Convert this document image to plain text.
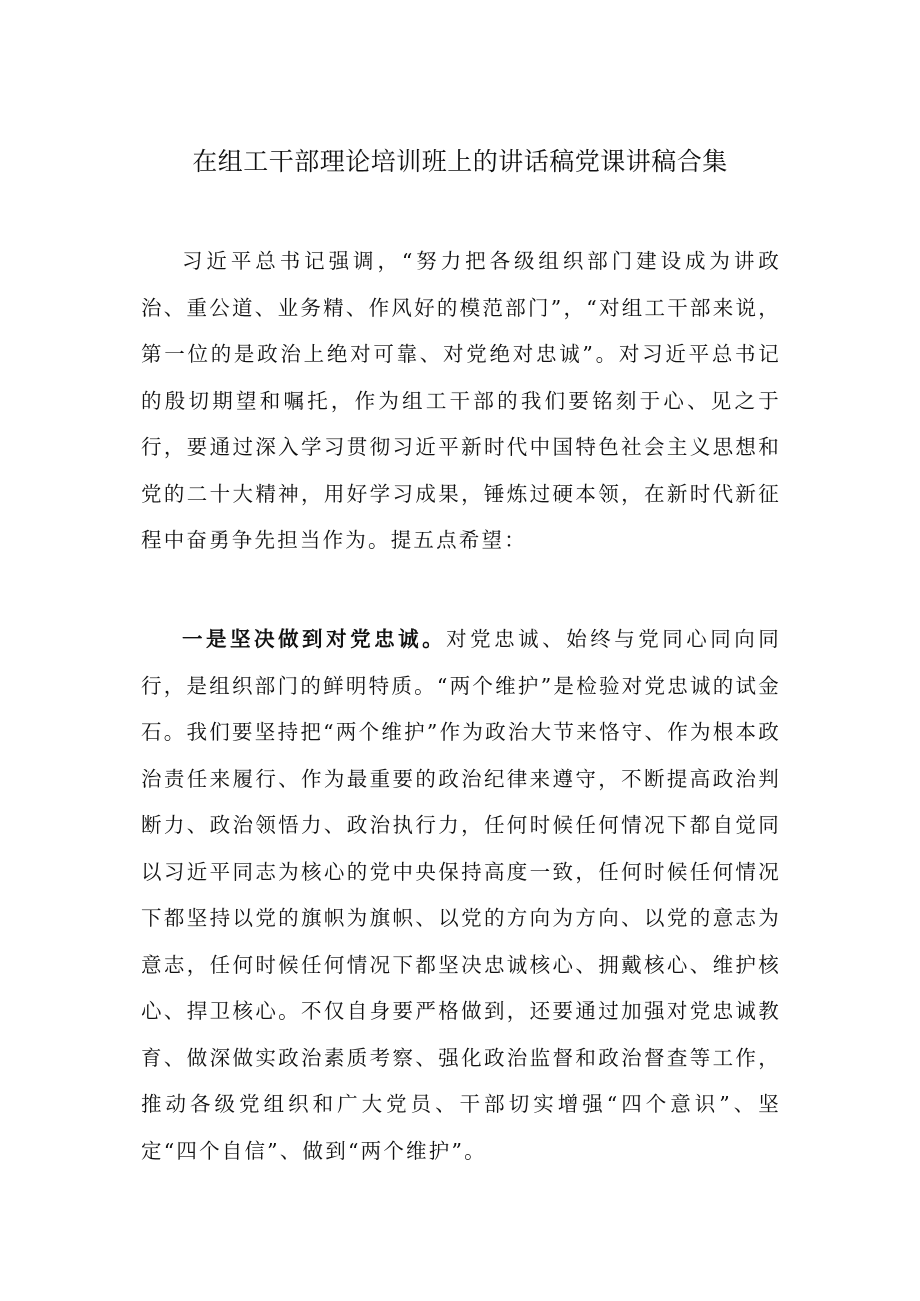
在组工干部理论培训班上的讲话稿党课讲稿合集

习近平总书记强调，“努力把各级组织部门建设成为讲政治、重公道、业务精、作风好的模范部门”，“对组工干部来说，第一位的是政治上绝对可靠、对党绝对忠诚”。对习近平总书记的殷切期望和嘱托，作为组工干部的我们要铭刻于心、见之于行，要通过深入学习贯彻习近平新时代中国特色社会主义思想和党的二十大精神，用好学习成果，锤炼过硬本领，在新时代新征程中奋勇争先担当作为。提五点希望：

一是坚决做到对党忠诚。对党忠诚、始终与党同心同向同行，是组织部门的鲜明特质。“两个维护”是检验对党忠诚的试金石。我们要坚持把“两个维护”作为政治大节来恪守、作为根本政治责任来履行、作为最重要的政治纪律来遵守，不断提高政治判断力、政治领悟力、政治执行力，任何时候任何情况下都自觉同以习近平同志为核心的党中央保持高度一致，任何时候任何情况下都坚持以党的旗帜为旗帜、以党的方向为方向、以党的意志为意志，任何时候任何情况下都坚决忠诚核心、拥戴核心、维护核心、捍卫核心。不仅自身要严格做到，还要通过加强对党忠诚教育、做深做实政治素质考察、强化政治监督和政治督查等工作，推动各级党组织和广大党员、干部切实增强“四个意识”、坚定“四个自信”、做到“两个维护”。
